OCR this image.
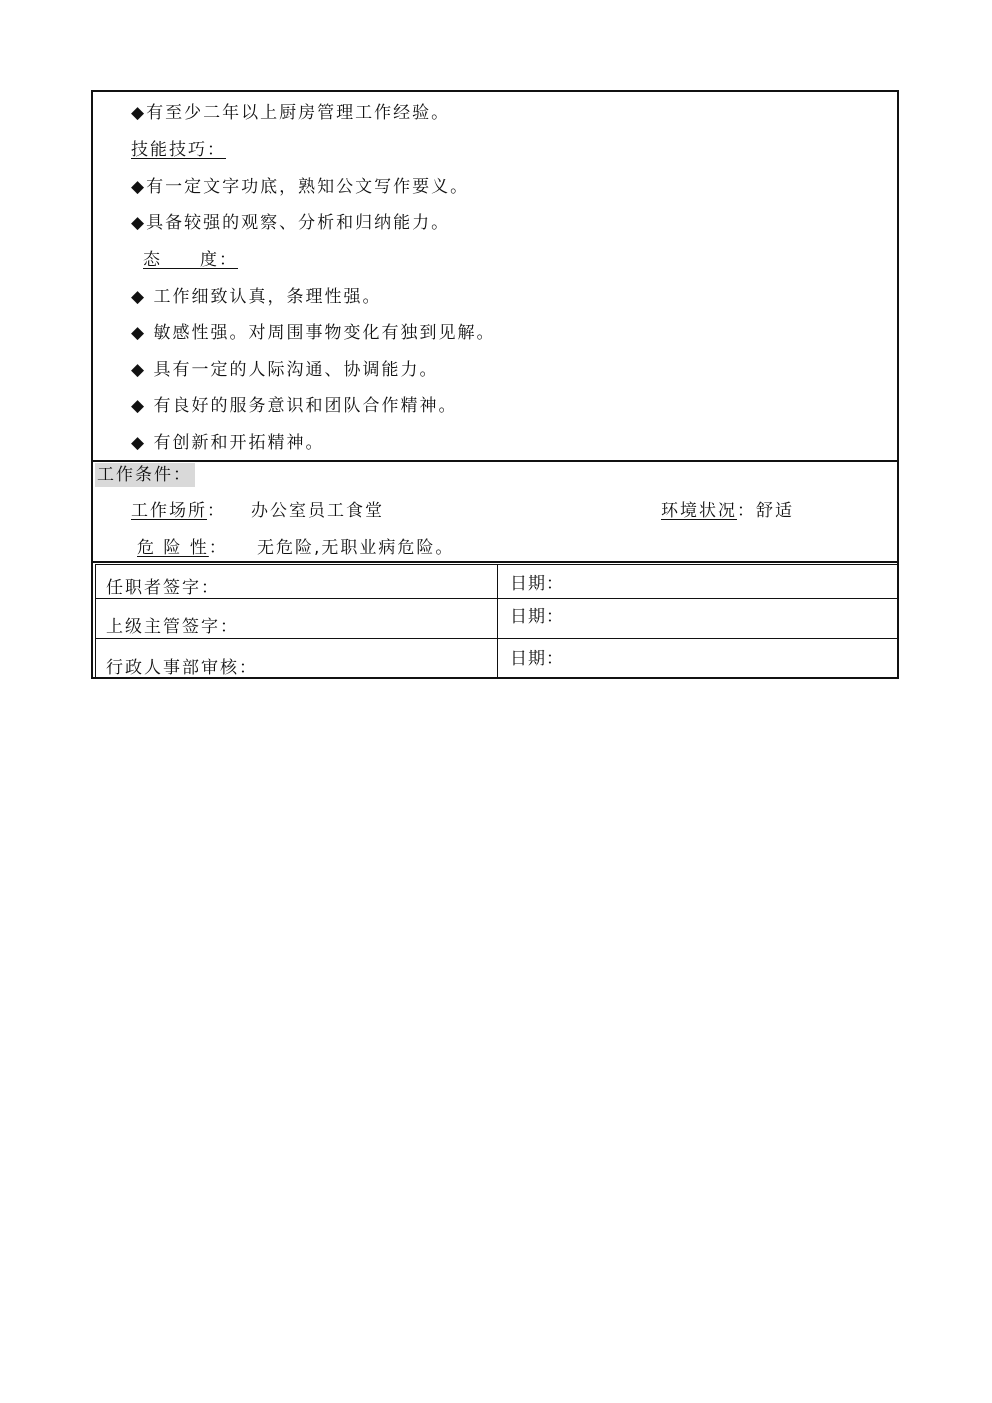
◆有至少二年以上厨房管理工作经验。
技能技巧：
◆有一定文字功底，熟知公文写作要义。
◆具备较强的观察、分析和归纳能力。
态　　度：
◆ 工作细致认真，条理性强。
◆ 敏感性强。对周围事物变化有独到见解。
◆ 具有一定的人际沟通、协调能力。
◆ 有良好的服务意识和团队合作精神。
◆ 有创新和开拓精神。
工作条件：
工作场所： 办公室员工食堂	环境状况：舒适
危 险 性： 无危险,无职业病危险。
任职者签字：	日期：
上级主管签字：	日期：
行政人事部审核：	日期：
